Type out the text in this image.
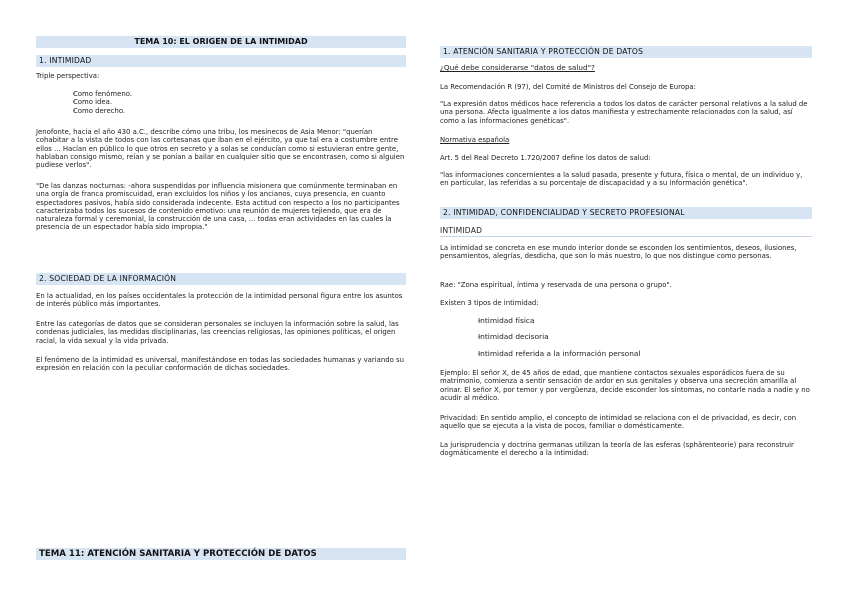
TEMA 10: EL ORIGEN DE LA INTIMIDAD
1. INTIMIDAD

Triple perspectiva:

- Como fenómeno.
- Como idea.
- Como derecho.

Jenofonte, hacia el año 430 a.C., describe cómo una tribu, los mesinecos de Asia Menor: "querían cohabitar a la vista de todos con las cortesanas que iban en el ejército, ya que tal era a costumbre entre ellos ... Hacían en público lo que otros en secreto y a solas se conducían como si estuvieran entre gente, hablaban consigo mismo, reían y se ponían a bailar en cualquier sitio que se encontrasen, como si alguien pudiese verlos".

"De las danzas nocturnas: -ahora suspendidas por influencia misionera que comúnmente terminaban en una orgía de franca promiscuidad, eran excluidos los niños y los ancianos, cuya presencia, en cuanto espectadores pasivos, había sido considerada indecente. Esta actitud con respecto a los no participantes caracterizaba todos los sucesos de contenido emotivo: una reunión de mujeres tejiendo, que era de naturaleza formal y ceremonial, la construcción de una casa, ... todas eran actividades en las cuales la presencia de un espectador había sido impropia."

2. SOCIEDAD DE LA INFORMACIÓN

En la actualidad, en los países occidentales la protección de la intimidad personal figura entre los asuntos de interés público más importantes.

Entre las categorías de datos que se consideran personales se incluyen la información sobre la salud, las condenas judiciales, las medidas disciplinarias, las creencias religiosas, las opiniones políticas, el origen racial, la vida sexual y la vida privada.

El fenómeno de la intimidad es universal, manifestándose en todas las sociedades humanas y variando su expresión en relación con la peculiar conformación de dichas sociedades.

TEMA 11: ATENCIÓN SANITARIA Y PROTECCIÓN DE DATOS
1. ATENCIÓN SANITARIA Y PROTECCIÓN DE DATOS

¿Qué debe considerarse "datos de salud"?

La Recomendación R (97), del Comité de Ministros del Consejo de Europa:

"La expresión datos médicos hace referencia a todos los datos de carácter personal relativos a la salud de una persona. Afecta igualmente a los datos manifiesta y estrechamente relacionados con la salud, así como a las informaciones genéticas".

Normativa española

Art. 5 del Real Decreto 1.720/2007 define los datos de salud:

"las informaciones concernientes a la salud pasada, presente y futura, física o mental, de un individuo y, en particular, las referidas a su porcentaje de discapacidad y a su información genética".

2. INTIMIDAD, CONFIDENCIALIDAD Y SECRETO PROFESIONAL
INTIMIDAD

La intimidad se concreta en ese mundo interior donde se esconden los sentimientos, deseos, ilusiones, pensamientos, alegrías, desdicha, que son lo más nuestro, lo que nos distingue como personas.

Rae: "Zona espiritual, íntima y reservada de una persona o grupo".

Existen 3 tipos de intimidad:

- Intimidad física
- Intimidad decisoria
- Intimidad referida a la información personal

Ejemplo: El señor X, de 45 años de edad, que mantiene contactos sexuales esporádicos fuera de su matrimonio, comienza a sentir sensación de ardor en sus genitales y observa una secreción amarilla al orinar. El señor X, por temor y por vergüenza, decide esconder los síntomas, no contarle nada a nadie y no acudir al médico.

Privacidad: En sentido amplio, el concepto de intimidad se relaciona con el de privacidad, es decir, con aquello que se ejecuta a la vista de pocos, familiar o domésticamente.

La jurisprudencia y doctrina germanas utilizan la teoría de las esferas (sphärenteorie) para reconstruir dogmáticamente el derecho a la intimidad:
